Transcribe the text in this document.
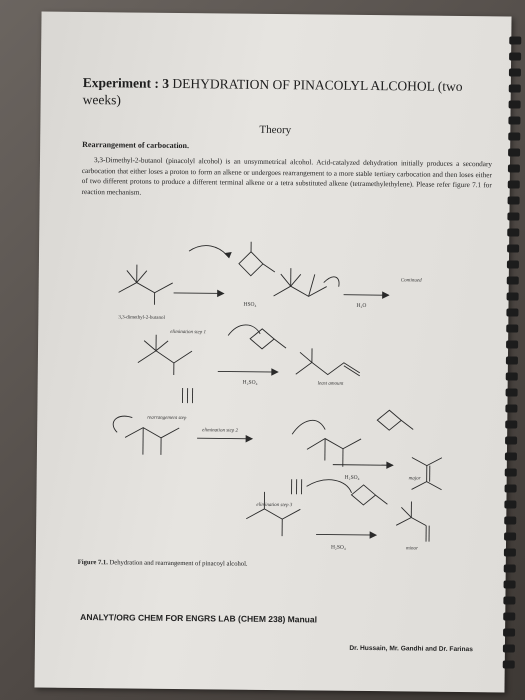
Experiment : 3 DEHYDRATION OF PINACOLYL ALCOHOL (two weeks)
Theory
Rearrangement of carbocation.
3,3-Dimethyl-2-butanol (pinacolyl alcohol) is an unsymmetrical alcohol. Acid-catalyzed dehydration initially produces a secondary carbocation that either loses a proton to form an alkene or undergoes rearrangement to a more stable tertiary carbocation and then loses either of two different protons to produce a different terminal alkene or a tetra substituted alkene (tetramethylethylene). Please refer figure 7.1 for reaction mechanism.
Continued
HSO₄	H₂O
3,3-dimethyl-2-butanol
elimination step 1
H₂SO₄	least amount
rearrangement step
elimination step 2
H₂SO₄	major
elimination step 3
H₂SO₄	minor
Figure 7.1. Dehydration and rearrangement of pinacoyl alcohol.
ANALYT/ORG CHEM FOR ENGRS LAB (CHEM 238) Manual
Dr. Hussain, Mr. Gandhi and Dr. Farinas
